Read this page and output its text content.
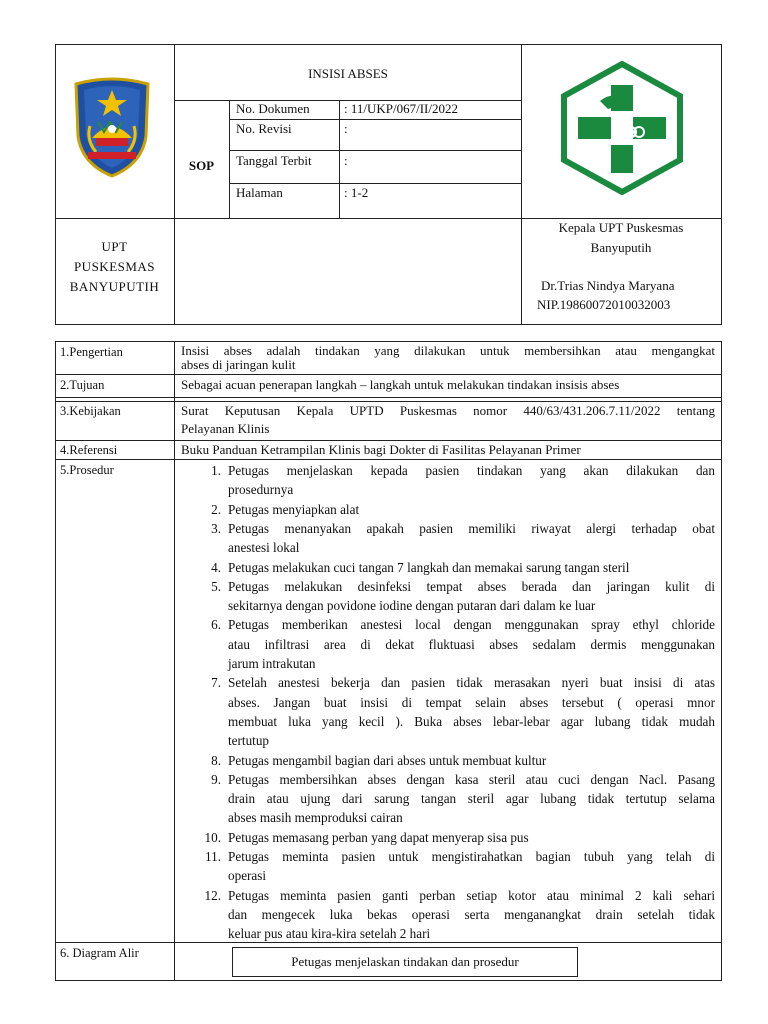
INSISI ABSES
SOP
No. Dokumen	: 11/UKP/067/II/2022
No. Revisi	:
Tanggal Terbit :
Halaman	: 1-2
UPT
PUSKESMAS
BANYUPUTIH
Kepala UPT Puskesmas
Banyuputih
Dr.Trias Nindya Maryana
NIP.19860072010032003
1.Pengertian	Insisi abses adalah tindakan yang dilakukan untuk membersihkan atau mengangkat
abses di jaringan kulit
2.Tujuan	Sebagai acuan penerapan langkah – langkah untuk melakukan tindakan insisis abses
3.Kebijakan	Surat Keputusan Kepala UPTD Puskesmas nomor 440/63/431.206.7.11/2022 tentang
Pelayanan Klinis
4.Referensi	Buku Panduan Ketrampilan Klinis bagi Dokter di Fasilitas Pelayanan Primer
5.Prosedur	1. Petugas menjelaskan kepada pasien tindakan yang akan dilakukan dan
prosedurnya
2. Petugas menyiapkan alat
3. Petugas menanyakan apakah pasien memiliki riwayat alergi terhadap obat
anestesi lokal
4. Petugas melakukan cuci tangan 7 langkah dan memakai sarung tangan steril
5. Petugas melakukan desinfeksi tempat abses berada dan jaringan kulit di
sekitarnya dengan povidone iodine dengan putaran dari dalam ke luar
6. Petugas memberikan anestesi local dengan menggunakan spray ethyl chloride
atau infiltrasi area di dekat fluktuasi abses sedalam dermis menggunakan
jarum intrakutan
7. Setelah anestesi bekerja dan pasien tidak merasakan nyeri buat insisi di atas
abses. Jangan buat insisi di tempat selain abses tersebut ( operasi mnor
membuat luka yang kecil ). Buka abses lebar-lebar agar lubang tidak mudah
tertutup
8. Petugas mengambil bagian dari abses untuk membuat kultur
9. Petugas membersihkan abses dengan kasa steril atau cuci dengan Nacl. Pasang
drain atau ujung dari sarung tangan steril agar lubang tidak tertutup selama
abses masih memproduksi cairan
10. Petugas memasang perban yang dapat menyerap sisa pus
11. Petugas meminta pasien untuk mengistirahatkan bagian tubuh yang telah di
operasi
12. Petugas meminta pasien ganti perban setiap kotor atau minimal 2 kali sehari
dan mengecek luka bekas operasi serta menganangkat drain setelah tidak
keluar pus atau kira-kira setelah 2 hari
6. Diagram Alir
Petugas menjelaskan tindakan dan prosedur
